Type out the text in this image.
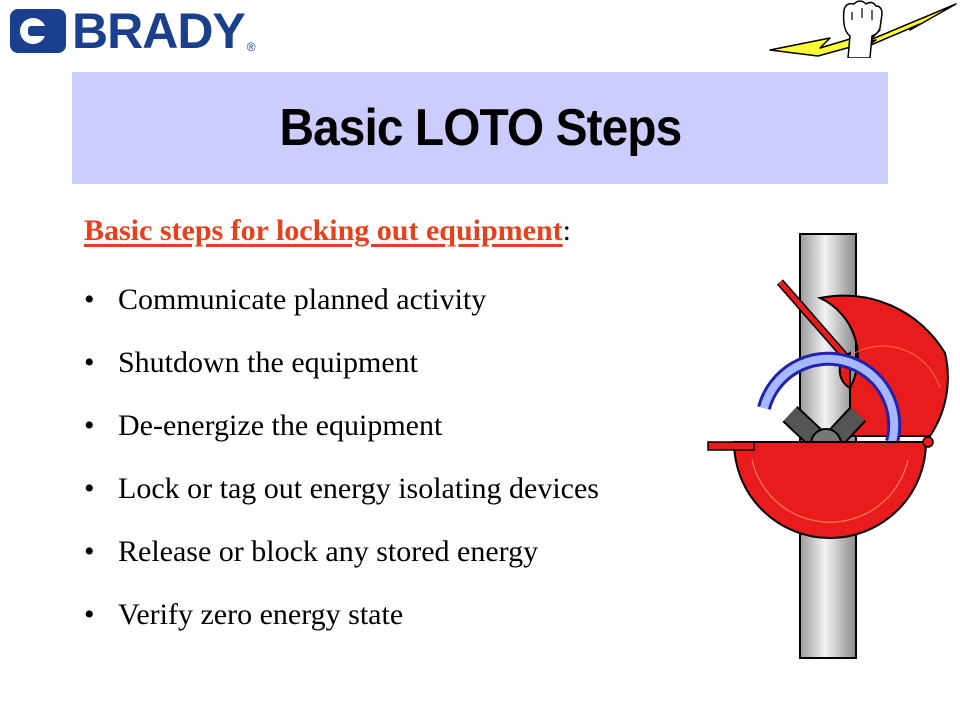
BRADY ®
Basic LOTO Steps
Basic steps for locking out equipment:
• Communicate planned activity
• Shutdown the equipment
• De-energize the equipment
• Lock or tag out energy isolating devices
• Release or block any stored energy
• Verify zero energy state
